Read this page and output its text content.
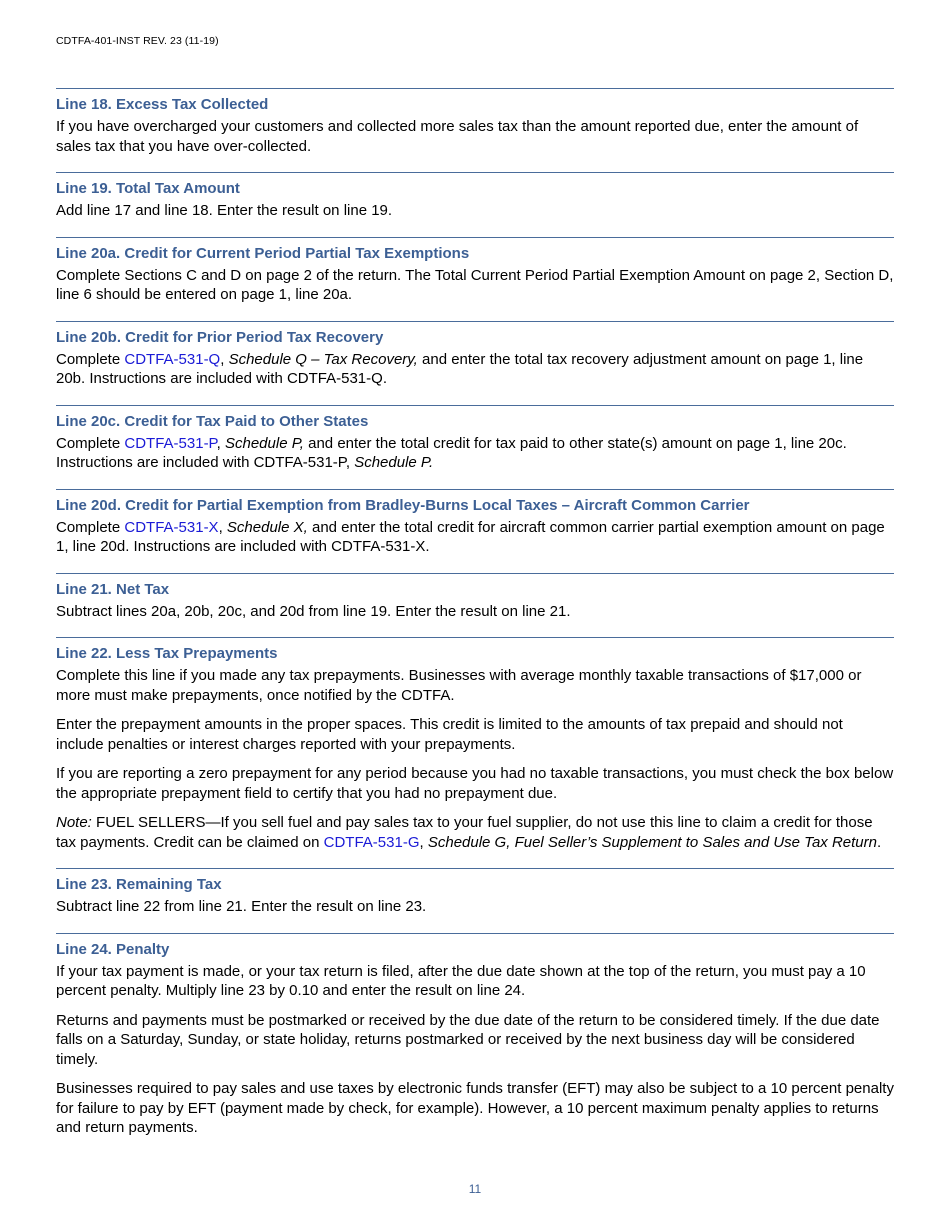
CDTFA-401-INST REV. 23 (11-19)
Line 18. Excess Tax Collected

If you have overcharged your customers and collected more sales tax than the amount reported due, enter the amount of sales tax that you have over-collected.

Line 19. Total Tax Amount

Add line 17 and line 18. Enter the result on line 19.

Line 20a. Credit for Current Period Partial Tax Exemptions

Complete Sections C and D on page 2 of the return. The Total Current Period Partial Exemption Amount on page 2, Section D, line 6 should be entered on page 1, line 20a.

Line 20b. Credit for Prior Period Tax Recovery

Complete CDTFA-531-Q, Schedule Q – Tax Recovery, and enter the total tax recovery adjustment amount on page 1, line 20b. Instructions are included with CDTFA-531-Q.

Line 20c. Credit for Tax Paid to Other States

Complete CDTFA-531-P, Schedule P, and enter the total credit for tax paid to other state(s) amount on page 1, line 20c. Instructions are included with CDTFA-531-P, Schedule P.

Line 20d. Credit for Partial Exemption from Bradley-Burns Local Taxes – Aircraft Common Carrier

Complete CDTFA-531-X, Schedule X, and enter the total credit for aircraft common carrier partial exemption amount on page 1, line 20d. Instructions are included with CDTFA-531-X.

Line 21. Net Tax

Subtract lines 20a, 20b, 20c, and 20d from line 19. Enter the result on line 21.

Line 22. Less Tax Prepayments

Complete this line if you made any tax prepayments. Businesses with average monthly taxable transactions of $17,000 or more must make prepayments, once notified by the CDTFA.

Enter the prepayment amounts in the proper spaces. This credit is limited to the amounts of tax prepaid and should not include penalties or interest charges reported with your prepayments.

If you are reporting a zero prepayment for any period because you had no taxable transactions, you must check the box below the appropriate prepayment field to certify that you had no prepayment due.

Note: FUEL SELLERS—If you sell fuel and pay sales tax to your fuel supplier, do not use this line to claim a credit for those tax payments. Credit can be claimed on CDTFA-531-G, Schedule G, Fuel Seller’s Supplement to Sales and Use Tax Return.

Line 23. Remaining Tax

Subtract line 22 from line 21. Enter the result on line 23.

Line 24. Penalty

If your tax payment is made, or your tax return is filed, after the due date shown at the top of the return, you must pay a 10 percent penalty. Multiply line 23 by 0.10 and enter the result on line 24.

Returns and payments must be postmarked or received by the due date of the return to be considered timely. If the due date falls on a Saturday, Sunday, or state holiday, returns postmarked or received by the next business day will be considered timely.

Businesses required to pay sales and use taxes by electronic funds transfer (EFT) may also be subject to a 10 percent penalty for failure to pay by EFT (payment made by check, for example). However, a 10 percent maximum penalty applies to returns and return payments.

11
